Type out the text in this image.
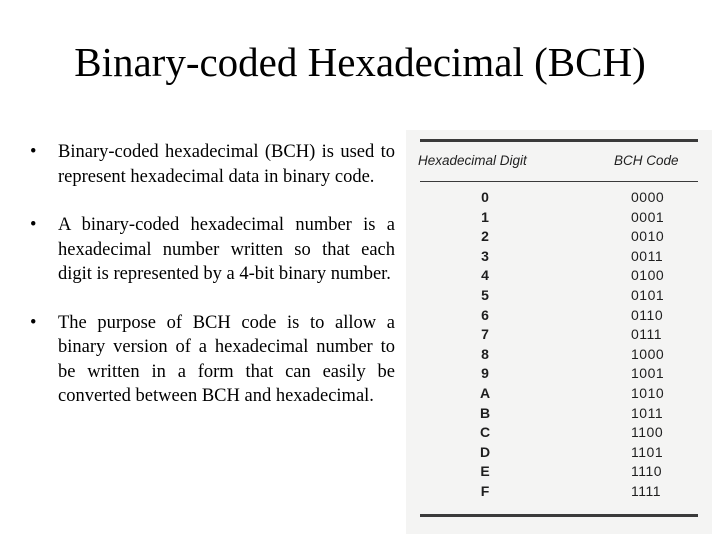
Binary-coded Hexadecimal (BCH)
•	Binary-coded hexadecimal (BCH) is used to represent hexadecimal data in binary code.
•	A binary-coded hexadecimal number is a hexadecimal number written so that each digit is represented by a 4-bit binary number.
•	The purpose of BCH code is to allow a binary version of a hexadecimal number to be written in a form that can easily be converted between BCH and hexadecimal.
Hexadecimal Digit	BCH Code
0	0000
1	0001
2	0010
3	0011
4	0100
5	0101
6	0110
7	0111
8	1000
9	1001
A	1010
B	1011
C	1100
D	1101
E	1110
F	1111
